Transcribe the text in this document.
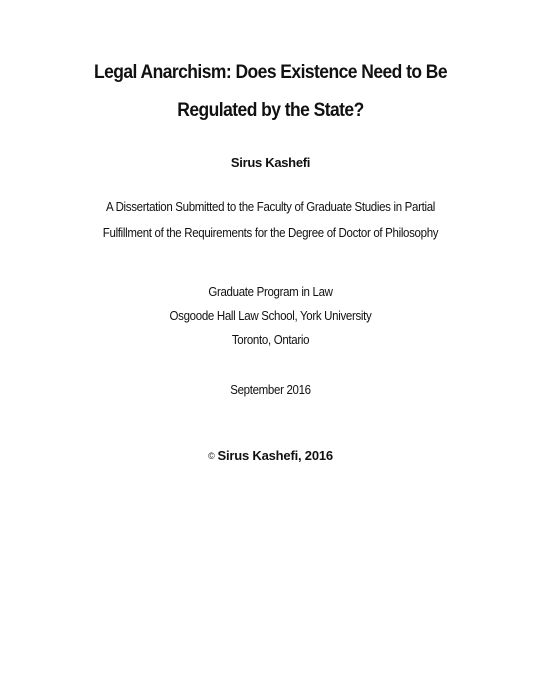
Legal Anarchism: Does Existence Need to Be
Regulated by the State?
Sirus Kashefi
A Dissertation Submitted to the Faculty of Graduate Studies in Partial
Fulfillment of the Requirements for the Degree of Doctor of Philosophy
Graduate Program in Law
Osgoode Hall Law School, York University
Toronto, Ontario
September 2016
© Sirus Kashefi, 2016
